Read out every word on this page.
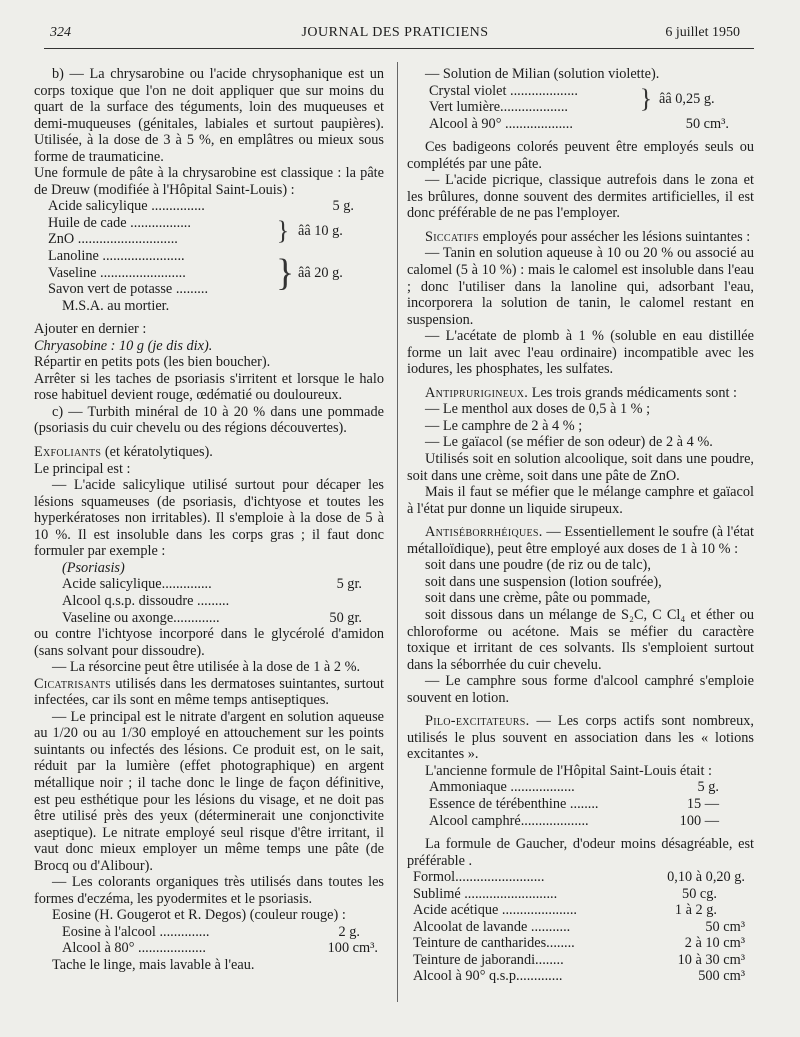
324	JOURNAL DES PRATICIENS	6 juillet 1950

b) — La chrysarobine ou l'acide chrysophanique est un corps toxique que l'on ne doit appliquer que sur moins du quart de la surface des téguments, loin des muqueuses et demi-muqueuses (génitales, labiales et surtout paupières). Utilisée, à la dose de 3 à 5 %, en emplâtres ou mieux sous forme de traumaticine.

Une formule de pâte à la chrysarobine est classique : la pâte de Dreuw (modifiée à l'Hôpital Saint-Louis) :

Acide salicylique ...............	5 g.
Huile de cade .................
ZnO ............................	} ââ 10 g.
Lanoline .......................
Vaseline ........................
Savon vert de potasse .........	} ââ 20 g.
M.S.A. au mortier.

Ajouter en dernier :

Chryasobine : 10 g (je dis dix).

Répartir en petits pots (les bien boucher).

Arrêter si les taches de psoriasis s'irritent et lorsque le halo rose habituel devient rouge, œdématié ou douloureux.

c) — Turbith minéral de 10 à 20 % dans une pommade (psoriasis du cuir chevelu ou des régions découvertes).

Exfoliants (et kératolytiques).

Le principal est :

— L'acide salicylique utilisé surtout pour décaper les lésions squameuses (de psoriasis, d'ichtyose et toutes les hyperkératoses non irritables). Il s'emploie à la dose de 5 à 10 %. Il est insoluble dans les corps gras ; il faut donc formuler par exemple :

(Psoriasis)
Acide salicylique..............	5 gr.
Alcool q.s.p. dissoudre .........
Vaseline ou axonge.............	50 gr.

ou contre l'ichtyose incorporé dans le glycérolé d'amidon (sans solvant pour dissoudre).

— La résorcine peut être utilisée à la dose de 1 à 2 %.

Cicatrisants utilisés dans les dermatoses suintantes, surtout infectées, car ils sont en même temps antiseptiques.

— Le principal est le nitrate d'argent en solution aqueuse au 1/20 ou au 1/30 employé en attouchement sur les points suintants ou infectés des lésions. Ce produit est, on le sait, réduit par la lumière (effet photographique) en argent métallique noir ; il tache donc le linge de façon définitive, est peu esthétique pour les lésions du visage, et ne doit pas être utilisé près des yeux (déterminerait une conjonctivite aseptique). Le nitrate employé seul risque d'être irritant, il vaut donc mieux employer un même temps une pâte (de Brocq ou d'Alibour).

— Les colorants organiques très utilisés dans toutes les formes d'eczéma, les pyodermites et le psoriasis.

Eosine (H. Gougerot et R. Degos) (couleur rouge) :

Eosine à l'alcool ..............	2 g.
Alcool à 80° ...................	100 cm³.

Tache le linge, mais lavable à l'eau.

— Solution de Milian (solution violette).

Crystal violet ...................
Vert lumière...................	} ââ 0,25 g.
Alcool à 90° ...................	50 cm³.

Ces badigeons colorés peuvent être employés seuls ou complétés par une pâte.

— L'acide picrique, classique autrefois dans le zona et les brûlures, donne souvent des dermites artificielles, il est donc préférable de ne pas l'employer.

Siccatifs employés pour assécher les lésions suintantes :

— Tanin en solution aqueuse à 10 ou 20 % ou associé au calomel (5 à 10 %) : mais le calomel est insoluble dans l'eau ; donc l'utiliser dans la lanoline qui, adsorbant l'eau, incorporera la solution de tanin, le calomel restant en suspension.

— L'acétate de plomb à 1 % (soluble en eau distillée forme un lait avec l'eau ordinaire) incompatible avec les iodures, les phosphates, les sulfates.

Antiprurigineux. Les trois grands médicaments sont :

— Le menthol aux doses de 0,5 à 1 % ;

— Le camphre de 2 à 4 % ;

— Le gaïacol (se méfier de son odeur) de 2 à 4 %.

Utilisés soit en solution alcoolique, soit dans une poudre, soit dans une crème, soit dans une pâte de ZnO.

Mais il faut se méfier que le mélange camphre et gaïacol à l'état pur donne un liquide sirupeux.

Antiséborrhéiques. — Essentiellement le soufre (à l'état métalloïdique), peut être employé aux doses de 1 à 10 % :

soit dans une poudre (de riz ou de talc),

soit dans une suspension (lotion soufrée),

soit dans une crème, pâte ou pommade,

soit dissous dans un mélange de S₂C, C Cl₄ et éther ou chloroforme ou acétone. Mais se méfier du caractère toxique et irritant de ces solvants. Ils s'emploient surtout dans la séborrhée du cuir chevelu.

— Le camphre sous forme d'alcool camphré s'emploie souvent en lotion.

Pilo-excitateurs. — Les corps actifs sont nombreux, utilisés le plus souvent en association dans les « lotions excitantes ».

L'ancienne formule de l'Hôpital Saint-Louis était :

Ammoniaque ..................	5 g.
Essence de térébenthine ........	15 —
Alcool camphré...................	100 —

La formule de Gaucher, d'odeur moins désagréable, est préférable .

Formol.........................	0,10 à 0,20 g.
Sublimé ..........................	50 cg.
Acide acétique .....................	1 à 2 g.
Alcoolat de lavande ...........	50 cm³
Teinture de cantharides........	2 à 10 cm³
Teinture de jaborandi........	10 à 30 cm³
Alcool à 90° q.s.p.............	500 cm³
